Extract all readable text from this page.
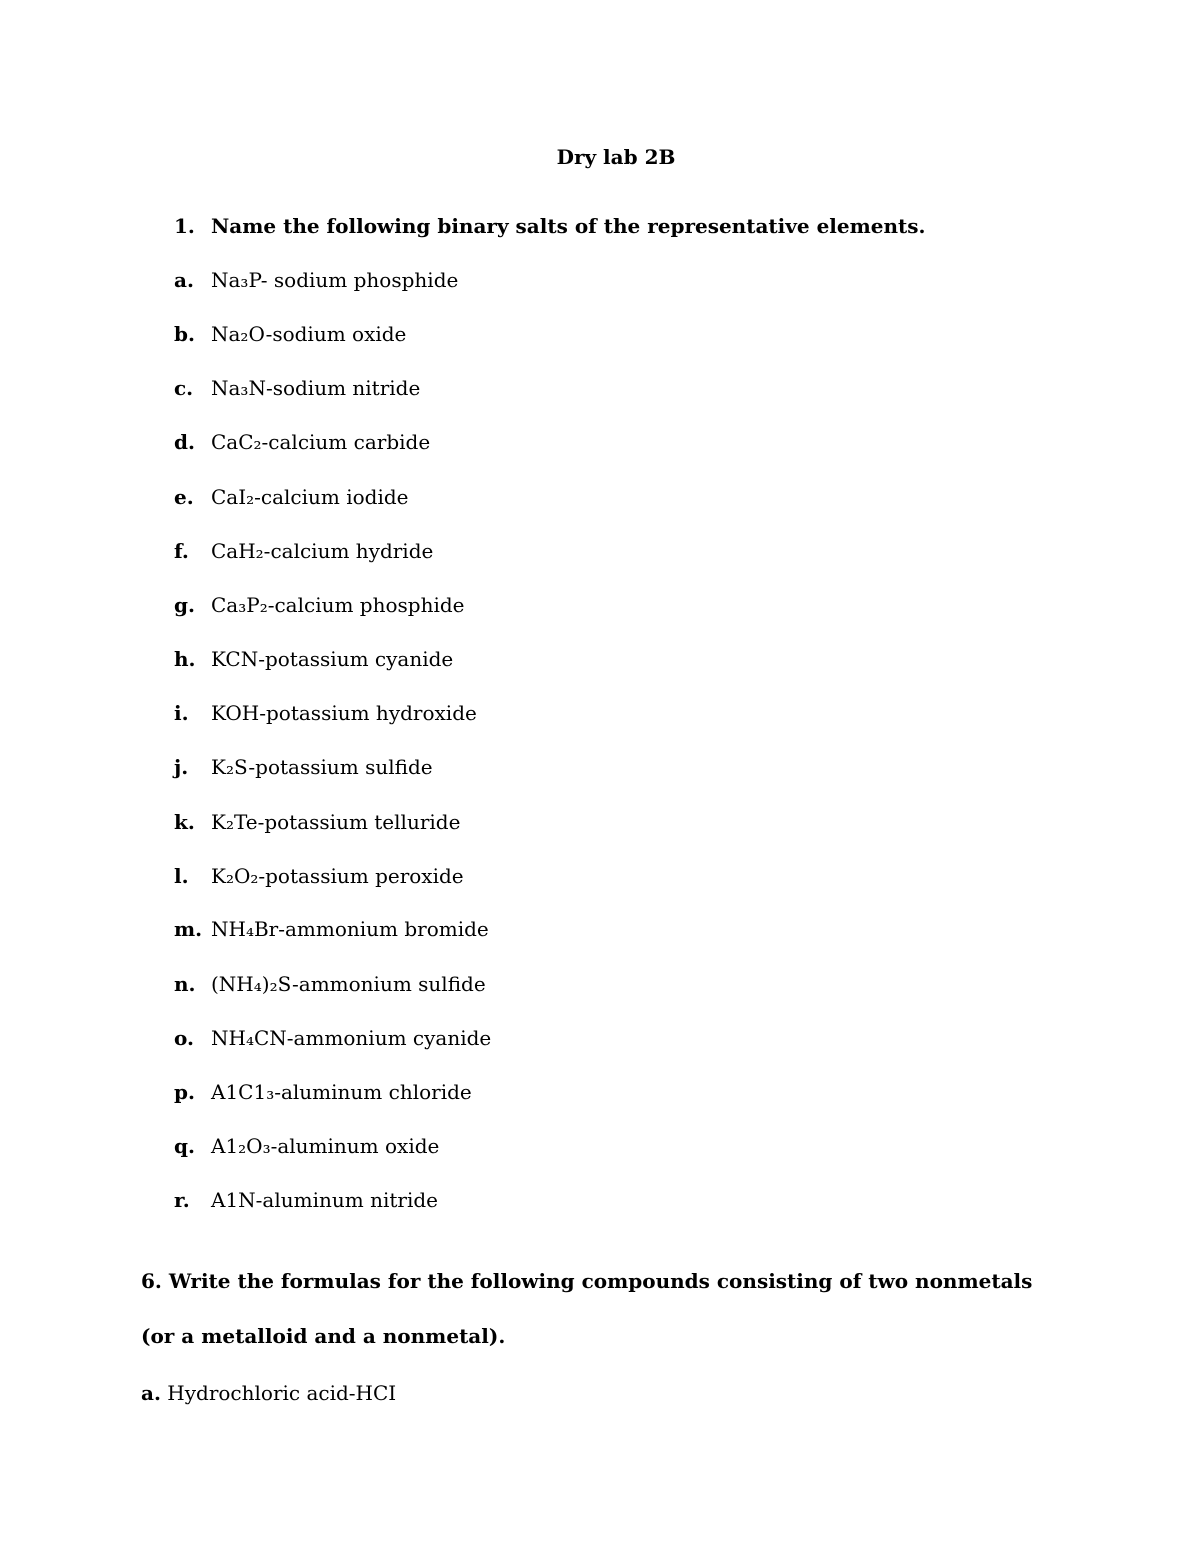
Dry lab 2B
1. Name the following binary salts of the representative elements.
a. Na₃P- sodium phosphide
b. Na₂O-sodium oxide
c. Na₃N-sodium nitride
d. CaC₂-calcium carbide
e. CaI₂-calcium iodide
f. CaH₂-calcium hydride
g. Ca₃P₂-calcium phosphide
h. KCN-potassium cyanide
i. KOH-potassium hydroxide
j. K₂S-potassium sulfide
k. K₂Te-potassium telluride
l. K₂O₂-potassium peroxide
m. NH₄Br-ammonium bromide
n. (NH₄)₂S-ammonium sulfide
o. NH₄CN-ammonium cyanide
p. A1C1₃-aluminum chloride
q. A1₂O₃-aluminum oxide
r. A1N-aluminum nitride
6. Write the formulas for the following compounds consisting of two nonmetals (or a metalloid and a nonmetal).
a. Hydrochloric acid-HCI
